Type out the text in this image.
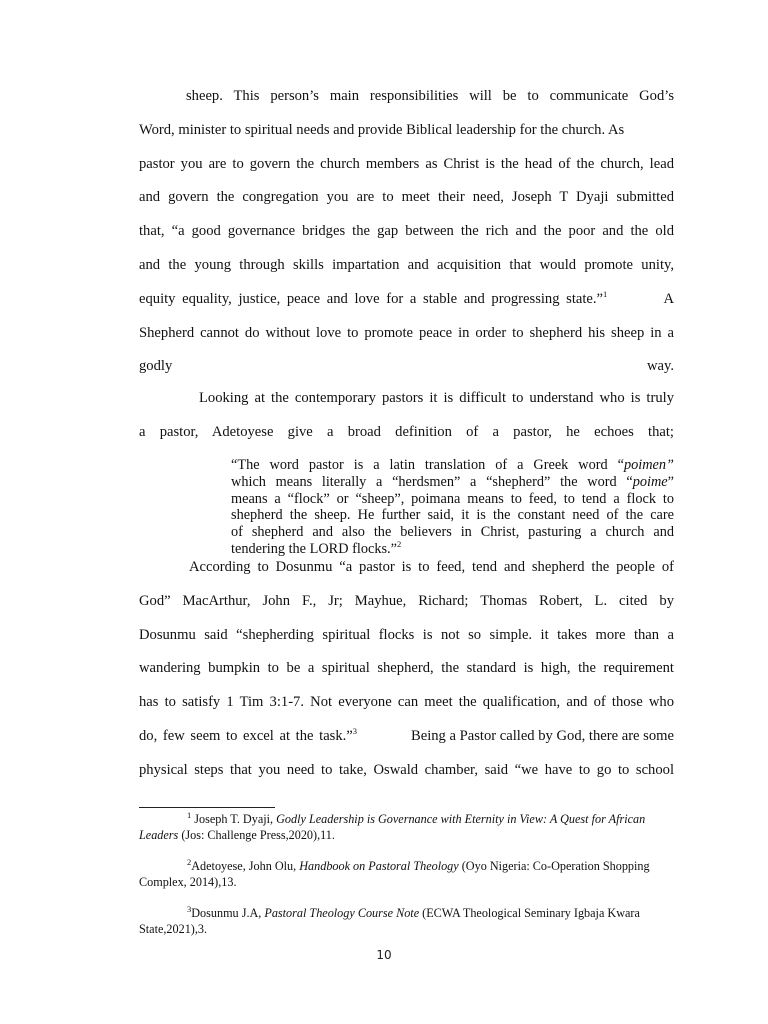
sheep. This person’s main responsibilities will be to communicate God’s
Word, minister to spiritual needs and provide Biblical leadership for the church. As
pastor you are to govern the church members as Christ is the head of the church, lead
and govern the congregation you are to meet their need, Joseph T Dyaji submitted
that, “a good governance bridges the gap between the rich and the poor and the old
and the young through skills impartation and acquisition that would promote unity,
equity equality, justice, peace and love for a stable and progressing state.”$^1$	A
Shepherd cannot do without love to promote peace in order to shepherd his sheep in a
godly way.
Looking at the contemporary pastors it is difficult to understand who is truly
a pastor, Adetoyese give a broad definition of a pastor, he echoes that;
“The word pastor is a latin translation of a Greek word “poimen”
which means literally a “herdsmen” a “shepherd” the word “poime”
means a “flock” or “sheep”, poimana means to feed, to tend a flock to
shepherd the sheep. He further said, it is the constant need of the care
of shepherd and also the believers in Christ, pasturing a church and
tendering the LORD flocks.”$^2$
According to Dosunmu “a pastor is to feed, tend and shepherd the people of
God” MacArthur, John F., Jr; Mayhue, Richard; Thomas Robert, L. cited by
Dosunmu said “shepherding spiritual flocks is not so simple. it takes more than a
wandering bumpkin to be a spiritual shepherd, the standard is high, the requirement
has to satisfy 1 Tim 3:1-7. Not everyone can meet the qualification, and of those who
do, few seem to excel at the task.”$^3$	Being a Pastor called by God, there are some
physical steps that you need to take, Oswald chamber, said “we have to go to school
$^1$ Joseph T. Dyaji, Godly Leadership is Governance with Eternity in View: A Quest for African
Leaders (Jos: Challenge Press,2020),11.
$^2$Adetoyese, John Olu, Handbook on Pastoral Theology (Oyo Nigeria: Co-Operation Shopping
Complex, 2014),13.
$^3$Dosunmu J.A, Pastoral Theology Course Note (ECWA Theological Seminary Igbaja Kwara
State,2021),3.
10
